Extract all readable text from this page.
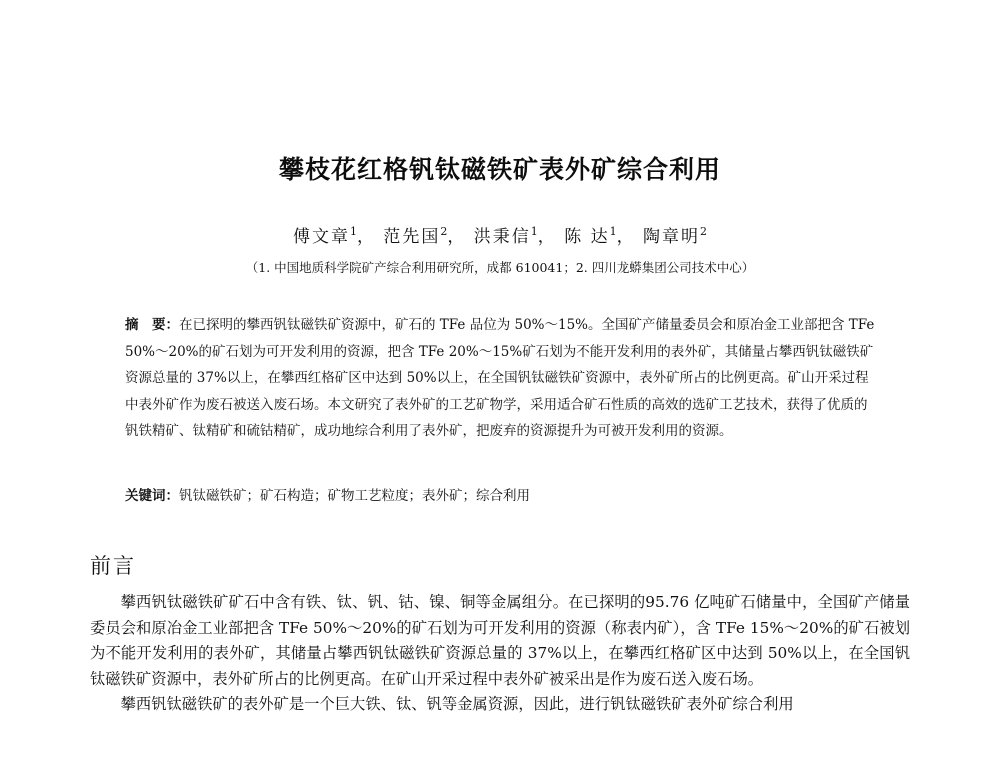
攀枝花红格钒钛磁铁矿表外矿综合利用
傅文章$^1$， 范先国$^2$， 洪秉信$^1$， 陈 达$^1$， 陶章明$^2$
（1. 中国地质科学院矿产综合利用研究所，成都 610041；2. 四川龙蟒集团公司技术中心）
摘　要：在已探明的攀西钒钛磁铁矿资源中，矿石的 TFe 品位为 50%～15%。全国矿产储量委员会和原冶金工业部把含 TFe 50%～20%的矿石划为可开发利用的资源，把含 TFe 20%～15%矿石划为不能开发利用的表外矿，其储量占攀西钒钛磁铁矿资源总量的 37%以上，在攀西红格矿区中达到 50%以上，在全国钒钛磁铁矿资源中，表外矿所占的比例更高。矿山开采过程中表外矿作为废石被送入废石场。本文研究了表外矿的工艺矿物学，采用适合矿石性质的高效的选矿工艺技术，获得了优质的钒铁精矿、钛精矿和硫钴精矿，成功地综合利用了表外矿，把废弃的资源提升为可被开发利用的资源。
关键词：钒钛磁铁矿；矿石构造；矿物工艺粒度；表外矿；综合利用
前言

攀西钒钛磁铁矿矿石中含有铁、钛、钒、钴、镍、铜等金属组分。在已探明的95.76 亿吨矿石储量中，全国矿产储量委员会和原冶金工业部把含 TFe 50%～20%的矿石划为可开发利用的资源（称表内矿），含 TFe 15%～20%的矿石被划为不能开发利用的表外矿，其储量占攀西钒钛磁铁矿资源总量的 37%以上，在攀西红格矿区中达到 50%以上，在全国钒钛磁铁矿资源中，表外矿所占的比例更高。在矿山开采过程中表外矿被采出是作为废石送入废石场。

攀西钒钛磁铁矿的表外矿是一个巨大铁、钛、钒等金属资源，因此，进行钒钛磁铁矿表外矿综合利用
